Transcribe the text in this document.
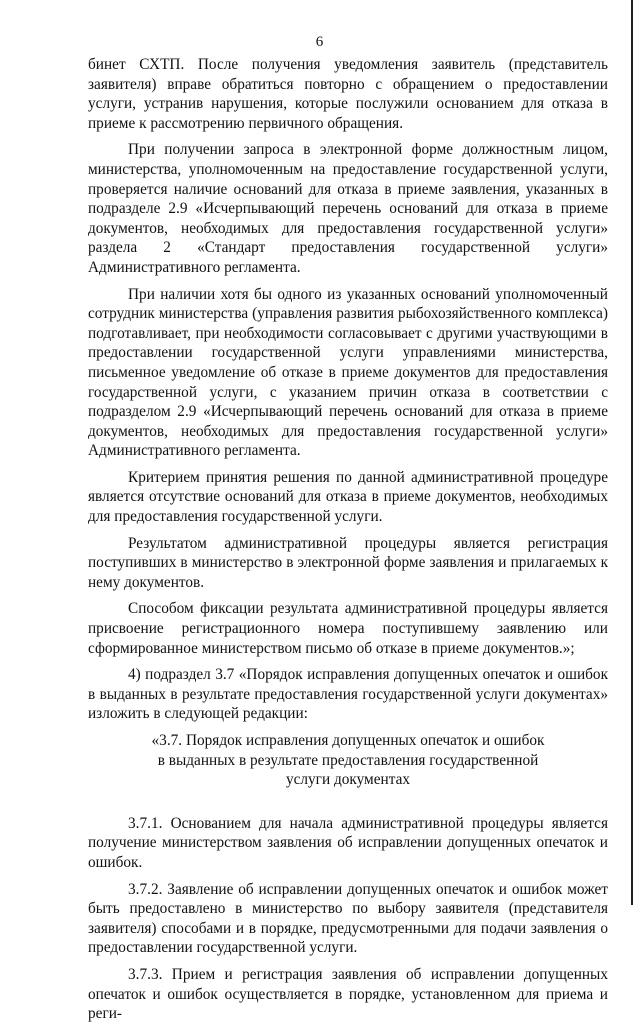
6

бинет СХТП. После получения уведомления заявитель (представитель заявителя) вправе обратиться повторно с обращением о предоставлении услуги, устранив нарушения, которые послужили основанием для отказа в приеме к рассмотрению первичного обращения.

При получении запроса в электронной форме должностным лицом, министерства, уполномоченным на предоставление государственной услуги, проверяется наличие оснований для отказа в приеме заявления, указанных в подразделе 2.9 «Исчерпывающий перечень оснований для отказа в приеме документов, необходимых для предоставления государственной услуги» раздела 2 «Стандарт предоставления государственной услуги» Административного регламента.

При наличии хотя бы одного из указанных оснований уполномоченный сотрудник министерства (управления развития рыбохозяйственного комплекса) подготавливает, при необходимости согласовывает с другими участвующими в предоставлении государственной услуги управлениями министерства, письменное уведомление об отказе в приеме документов для предоставления государственной услуги, с указанием причин отказа в соответствии с подразделом 2.9 «Исчерпывающий перечень оснований для отказа в приеме документов, необходимых для предоставления государственной услуги» Административного регламента.

Критерием принятия решения по данной административной процедуре является отсутствие оснований для отказа в приеме документов, необходимых для предоставления государственной услуги.

Результатом административной процедуры является регистрация поступивших в министерство в электронной форме заявления и прилагаемых к нему документов.

Способом фиксации результата административной процедуры является присвоение регистрационного номера поступившему заявлению или сформированное министерством письмо об отказе в приеме документов.»;

4) подраздел 3.7 «Порядок исправления допущенных опечаток и ошибок в выданных в результате предоставления государственной услуги документах» изложить в следующей редакции:

«3.7. Порядок исправления допущенных опечаток и ошибок
в выданных в результате предоставления государственной
услуги документах

3.7.1. Основанием для начала административной процедуры является получение министерством заявления об исправлении допущенных опечаток и ошибок.

3.7.2. Заявление об исправлении допущенных опечаток и ошибок может быть предоставлено в министерство по выбору заявителя (представителя заявителя) способами и в порядке, предусмотренными для подачи заявления о предоставлении государственной услуги.

3.7.3. Прием и регистрация заявления об исправлении допущенных опечаток и ошибок осуществляется в порядке, установленном для приема и реги-
